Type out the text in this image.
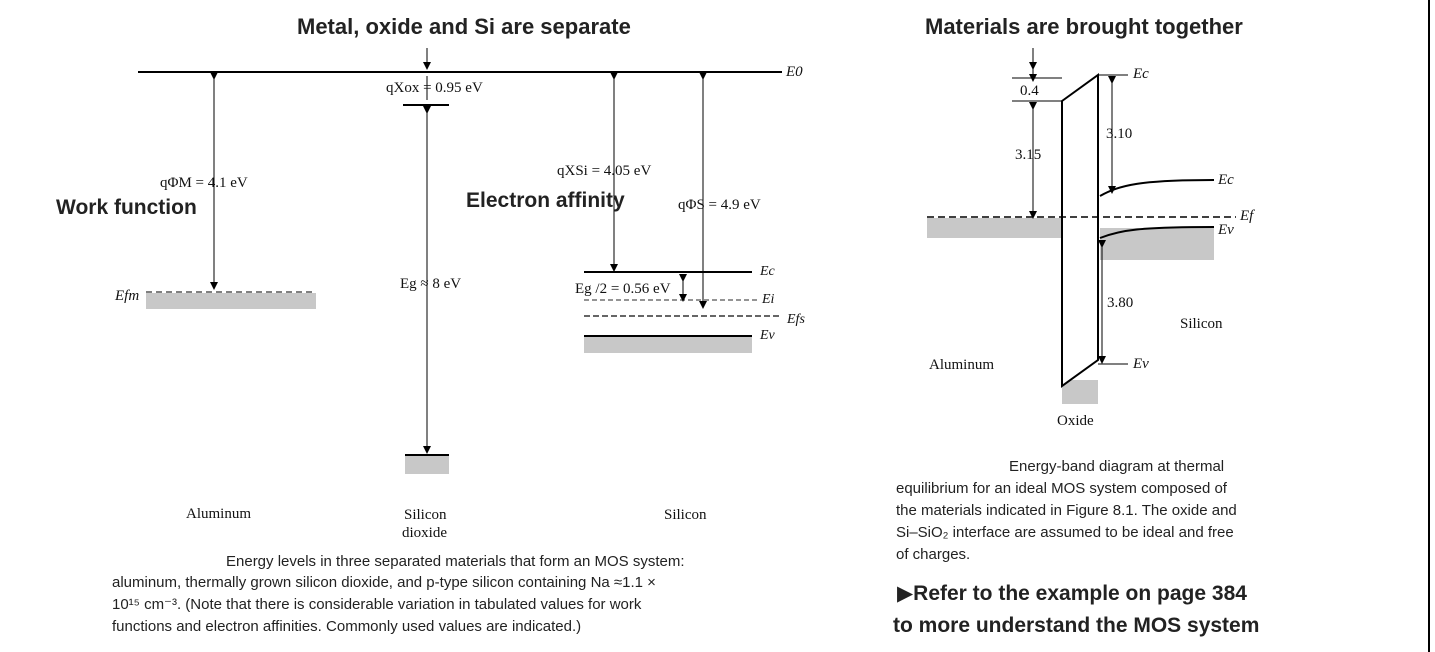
Metal, oxide and Si are separate
E0
qXox = 0.95 eV
qΦM = 4.1 eV
Work function
qXSi = 4.05 eV
Electron affinity	qΦS = 4.9 eV
Efm
Eg ≈ 8 eV	Eg /2 = 0.56 eV
Ec
Ei
Efs
Ev
Aluminum	Silicon
dioxide
Silicon
Energy levels in three separated materials that form an MOS system:
aluminum, thermally grown silicon dioxide, and p-type silicon containing Na ≈1.1 ×
10¹⁵ cm⁻³. (Note that there is considerable variation in tabulated values for work
functions and electron affinities. Commonly used values are indicated.)
Materials are brought together
0.4
3.15
3.10
3.80
Ec
Ec
Ef
Ev
Ev
Silicon
Aluminum
Oxide
Energy-band diagram at thermal
equilibrium for an ideal MOS system composed of
the materials indicated in Figure 8.1. The oxide and
Si–SiO₂ interface are assumed to be ideal and free
of charges.
▶Refer to the example on page 384
to more understand the MOS system
